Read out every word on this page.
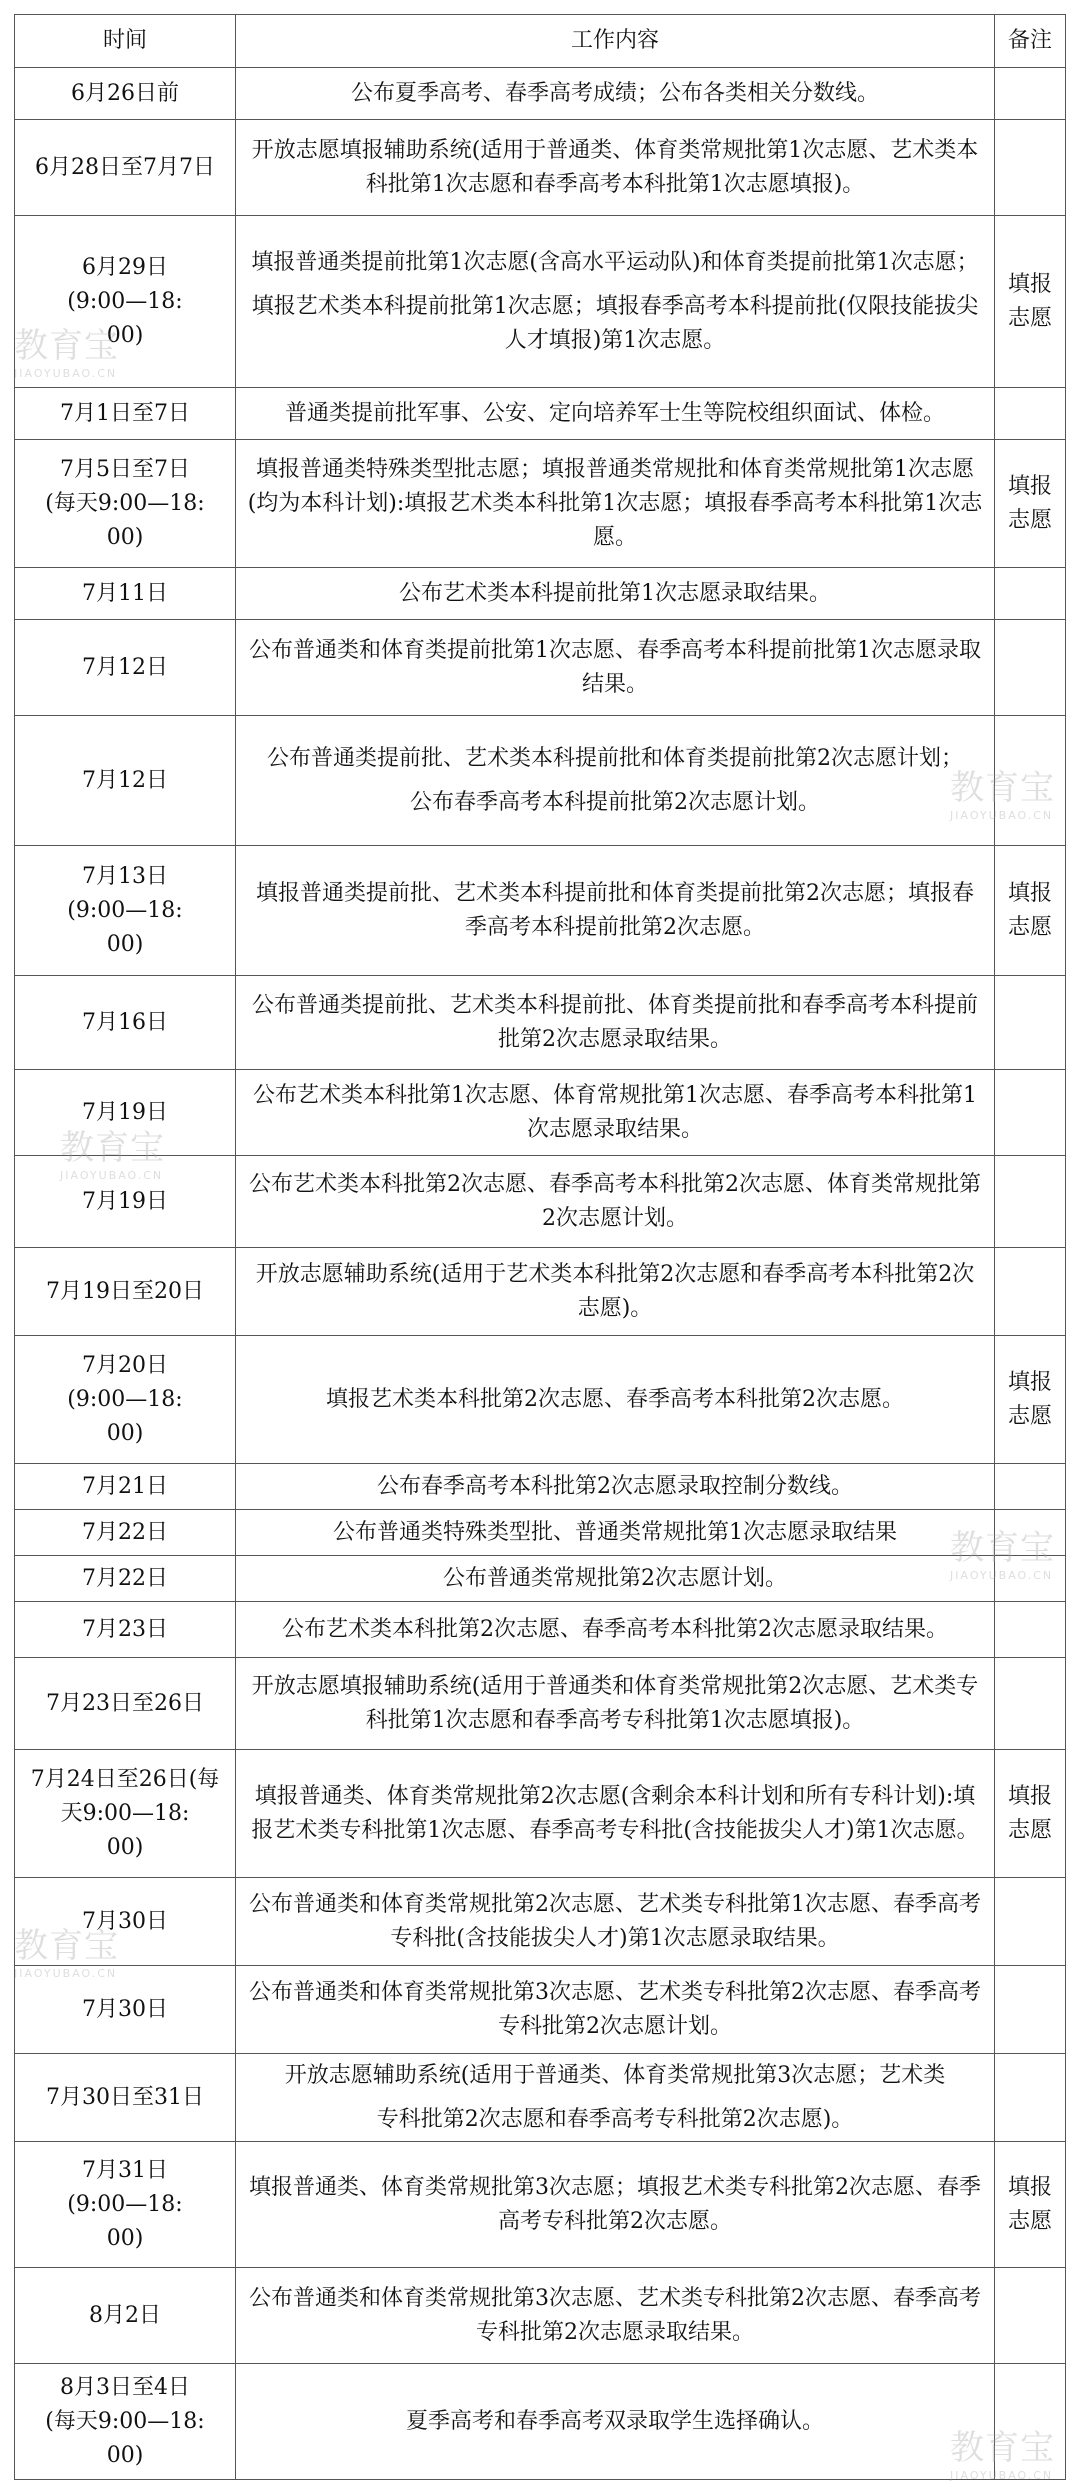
时间	工作内容	备注

6月26日前	公布夏季高考、春季高考成绩；公布各类相关分数线。	

6月28日至7月7日	开放志愿填报辅助系统(适用于普通类、体育类常规批第1次志愿、艺术类本科批第1次志愿和春季高考本科批第1次志愿填报)。	

6月29日
(9:00—18:
00)	填报普通类提前批第1次志愿(含高水平运动队)和体育类提前批第1次志愿；
填报艺术类本科提前批第1次志愿；填报春季高考本科提前批(仅限技能拔尖人才填报)第1次志愿。	填报志愿

7月1日至7日	普通类提前批军事、公安、定向培养军士生等院校组织面试、体检。	

7月5日至7日
(每天9:00—18:
00)	填报普通类特殊类型批志愿；填报普通类常规批和体育类常规批第1次志愿(均为本科计划):填报艺术类本科批第1次志愿；填报春季高考本科批第1次志愿。	填报志愿

7月11日	公布艺术类本科提前批第1次志愿录取结果。	

7月12日	公布普通类和体育类提前批第1次志愿、春季高考本科提前批第1次志愿录取结果。	

7月12日	公布普通类提前批、艺术类本科提前批和体育类提前批第2次志愿计划；
公布春季高考本科提前批第2次志愿计划。	

7月13日
(9:00—18:
00)	填报普通类提前批、艺术类本科提前批和体育类提前批第2次志愿；填报春季高考本科提前批第2次志愿。	填报志愿

7月16日	公布普通类提前批、艺术类本科提前批、体育类提前批和春季高考本科提前批第2次志愿录取结果。	

7月19日	公布艺术类本科批第1次志愿、体育常规批第1次志愿、春季高考本科批第1次志愿录取结果。	

7月19日	公布艺术类本科批第2次志愿、春季高考本科批第2次志愿、体育类常规批第2次志愿计划。	

7月19日至20日	开放志愿辅助系统(适用于艺术类本科批第2次志愿和春季高考本科批第2次志愿)。	

7月20日
(9:00—18:
00)	填报艺术类本科批第2次志愿、春季高考本科批第2次志愿。	填报志愿

7月21日	公布春季高考本科批第2次志愿录取控制分数线。	

7月22日	公布普通类特殊类型批、普通类常规批第1次志愿录取结果	

7月22日	公布普通类常规批第2次志愿计划。	

7月23日	公布艺术类本科批第2次志愿、春季高考本科批第2次志愿录取结果。	

7月23日至26日	开放志愿填报辅助系统(适用于普通类和体育类常规批第2次志愿、艺术类专科批第1次志愿和春季高考专科批第1次志愿填报)。	

7月24日至26日(每
天9:00—18:
00)	填报普通类、体育类常规批第2次志愿(含剩余本科计划和所有专科计划):填报艺术类专科批第1次志愿、春季高考专科批(含技能拔尖人才)第1次志愿。	填报志愿

7月30日	公布普通类和体育类常规批第2次志愿、艺术类专科批第1次志愿、春季高考专科批(含技能拔尖人才)第1次志愿录取结果。	

7月30日	公布普通类和体育类常规批第3次志愿、艺术类专科批第2次志愿、春季高考专科批第2次志愿计划。	

7月30日至31日	开放志愿辅助系统(适用于普通类、体育类常规批第3次志愿；艺术类
专科批第2次志愿和春季高考专科批第2次志愿)。	

7月31日
(9:00—18:
00)	填报普通类、体育类常规批第3次志愿；填报艺术类专科批第2次志愿、春季高考专科批第2次志愿。	填报志愿

8月2日	公布普通类和体育类常规批第3次志愿、艺术类专科批第2次志愿、春季高考专科批第2次志愿录取结果。	

8月3日至4日
(每天9:00—18:
00)	夏季高考和春季高考双录取学生选择确认。	

教育宝
JIAOYUBAO.CN
教育宝
JIAOYUBAO.CN
教育宝
JIAOYUBAO.CN
教育宝
JIAOYUBAO.CN
教育宝
JIAOYUBAO.CN
教育宝
JIAOYUBAO.CN
